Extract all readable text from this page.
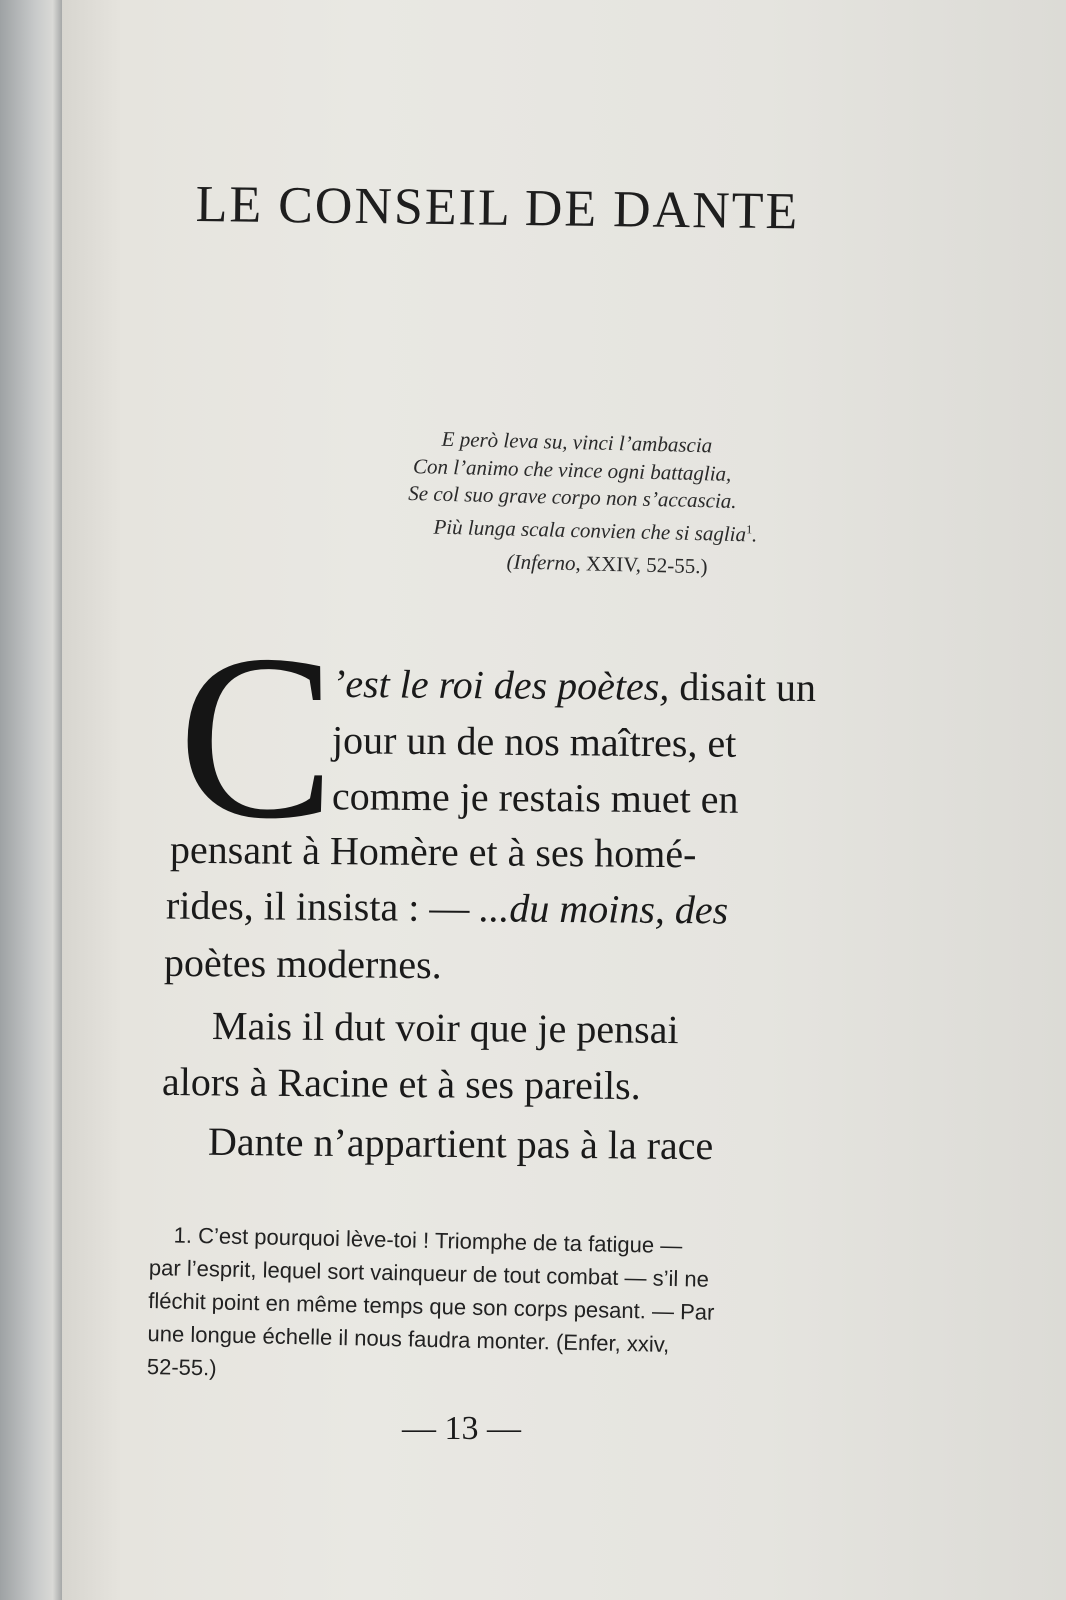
LE CONSEIL DE DANTE
E però leva su, vinci l’ambascia
Con l’animo che vince ogni battaglia,
Se col suo grave corpo non s’accascia.
Più lunga scala convien che si saglia$^1$.
(Inferno, XXIV, 52-55.)
C
’est le roi des poètes, disait un
jour un de nos maîtres, et
comme je restais muet en
pensant à Homère et à ses homé-
rides, il insista : — ...du moins, des
poètes modernes.
Mais il dut voir que je pensai
alors à Racine et à ses pareils.
Dante n’appartient pas à la race
1. C’est pourquoi lève-toi ! Triomphe de ta fatigue —
par l’esprit, lequel sort vainqueur de tout combat — s’il ne
fléchit point en même temps que son corps pesant. — Par
une longue échelle il nous faudra monter. (Enfer, xxiv,
52-55.)
— 13 —
